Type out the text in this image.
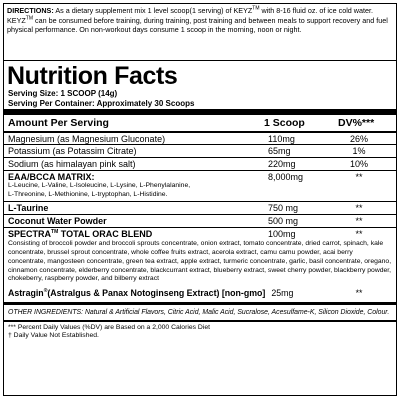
DIRECTIONS: As a dietary supplement mix 1 level scoop(1 serving) of KEYZ™ with 8-16 fluid oz. of ice cold water. KEYZ™ can be consumed before training, during training, post training and between meals to support recovery and fuel physical performance. On non-workout days consume 1 scoop in the morning, noon or night.
Nutrition Facts
Serving Size: 1 SCOOP (14g)
Serving Per Container: Approximately 30 Scoops
Amount Per Serving	1 Scoop	DV%***
Magnesium (as Magnesium Gluconate)	110mg	26%
Potassium (as Potassim Citrate)	65mg	1%
Sodium (as himalayan pink salt)	220mg	10%
EAA/BCCA MATRIX:	8,000mg	**
L-Leucine, L-Valine, L-Isoleucine, L-Lysine, L-Phenylalanine,
L-Threonine, L-Methionine, L-tryptophan, L-Histidine.
L-Taurine	750 mg	**
Coconut Water Powder	500 mg	**
SPECTRA™ TOTAL ORAC BLEND	100mg	**
Consisting of broccoli powder and broccoli sprouts concentrate, onion extract, tomato concentrate, dried carrot, spinach, kale concentrate, brussel sprout concentrate, whole coffee fruits extract, acerola extract, camu camu powder, acai berry concentrate, mangosteen concentrate, green tea extract, apple extract, turmeric concentrate, garlic, basil concentrate, oregano, cinnamon concentrate, elderberry concentrate, blackcurrant extract, blueberry extract, sweet cherry powder, blackberry powder, chokeberry, raspberry powder, and bilberry extract
Astragin®(Astralgus & Panax Notoginseng Extract) [non-gmo] 25mg	**
OTHER INGREDIENTS: Natural & Artificial Flavors, Citric Acid, Malic Acid, Sucralose, Acesulfame-K, Silicon Dioxide, Colour.
*** Percent Daily Values (%DV) are Based on a 2,000 Calories Diet
† Daily Value Not Established.
